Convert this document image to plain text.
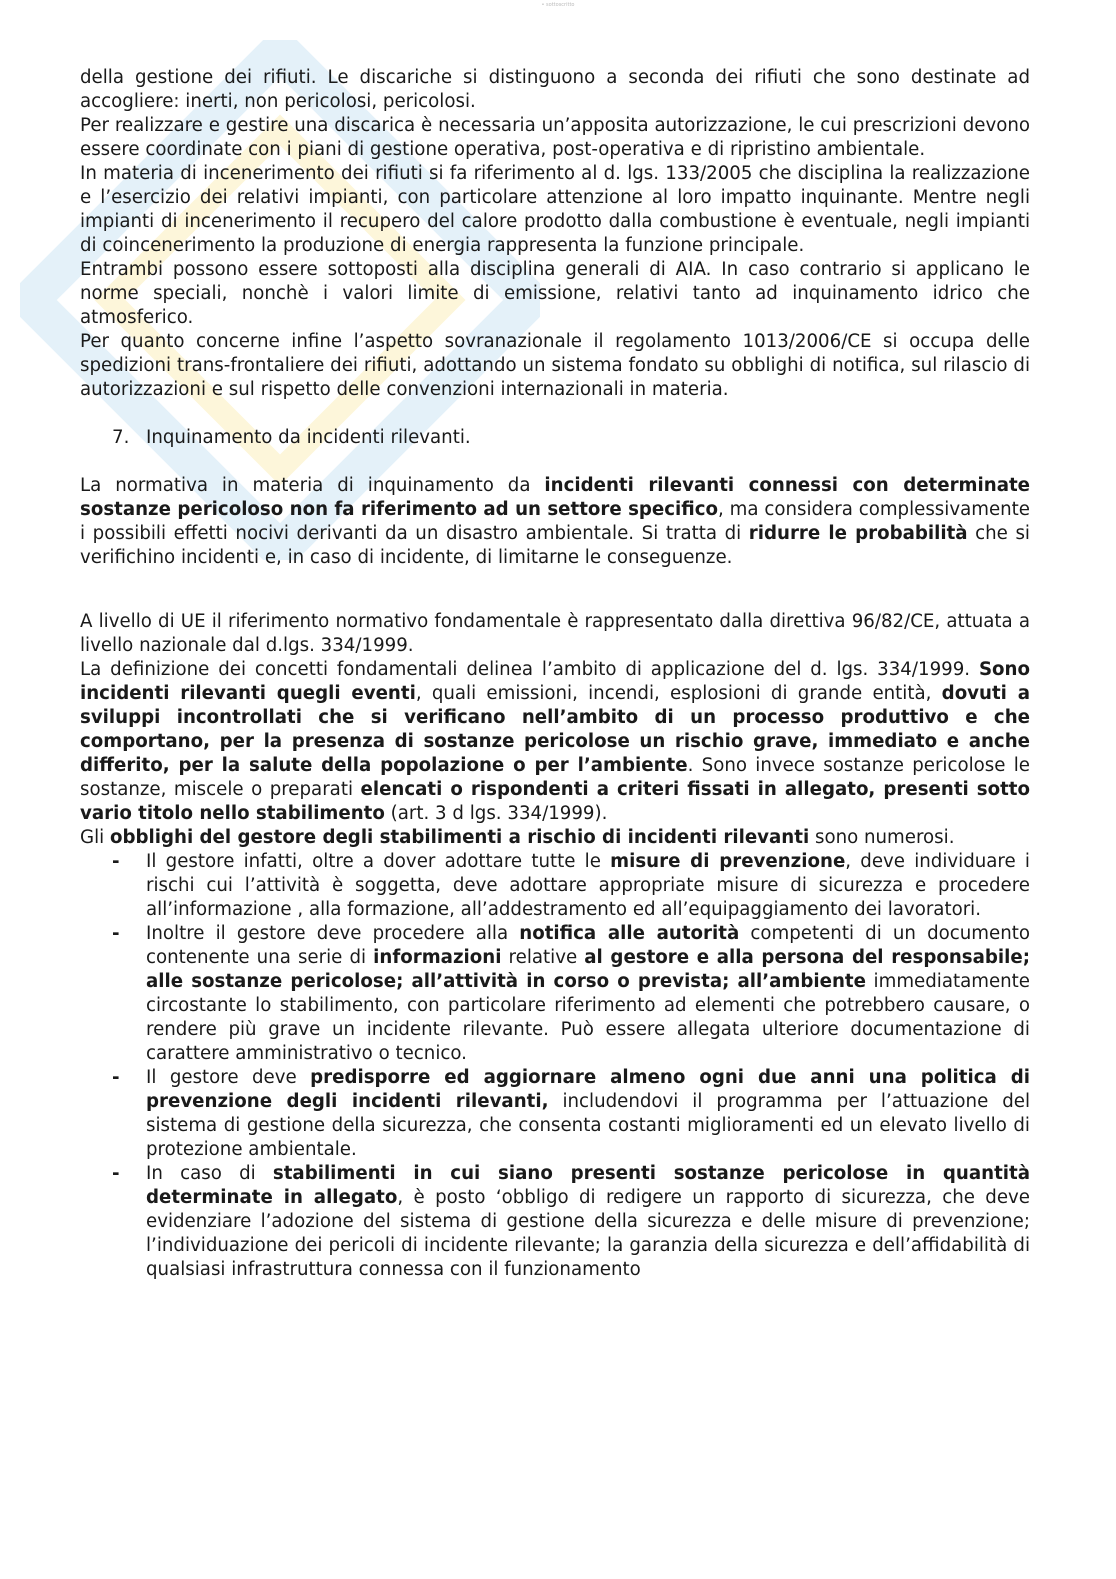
• sottoscritto

della gestione dei rifiuti. Le discariche si distinguono a seconda dei rifiuti che sono destinate ad accogliere: inerti, non pericolosi, pericolosi.

Per realizzare e gestire una discarica è necessaria un’apposita autorizzazione, le cui prescrizioni devono essere coordinate con i piani di gestione operativa, post-operativa e di ripristino ambientale.

In materia di incenerimento dei rifiuti si fa riferimento al d. lgs. 133/2005 che disciplina la realizzazione e l’esercizio dei relativi impianti, con particolare attenzione al loro impatto inquinante. Mentre negli impianti di incenerimento il recupero del calore prodotto dalla combustione è eventuale, negli impianti di coincenerimento la produzione di energia rappresenta la funzione principale.

Entrambi possono essere sottoposti alla disciplina generali di AIA. In caso contrario si applicano le norme speciali, nonchè i valori limite di emissione, relativi tanto ad inquinamento idrico che atmosferico.

Per quanto concerne infine l’aspetto sovranazionale il regolamento 1013/2006/CE si occupa delle spedizioni trans-frontaliere dei rifiuti, adottando un sistema fondato su obblighi di notifica, sul rilascio di autorizzazioni e sul rispetto delle convenzioni internazionali in materia.

7. Inquinamento da incidenti rilevanti.

La normativa in materia di inquinamento da incidenti rilevanti connessi con determinate sostanze pericoloso non fa riferimento ad un settore specifico, ma considera complessivamente i possibili effetti nocivi derivanti da un disastro ambientale. Si tratta di ridurre le probabilità che si verifichino incidenti e, in caso di incidente, di limitarne le conseguenze.

A livello di UE il riferimento normativo fondamentale è rappresentato dalla direttiva 96/82/CE, attuata a livello nazionale dal d.lgs. 334/1999.

La definizione dei concetti fondamentali delinea l’ambito di applicazione del d. lgs. 334/1999. Sono incidenti rilevanti quegli eventi, quali emissioni, incendi, esplosioni di grande entità, dovuti a sviluppi incontrollati che si verificano nell’ambito di un processo produttivo e che comportano, per la presenza di sostanze pericolose un rischio grave, immediato e anche differito, per la salute della popolazione o per l’ambiente. Sono invece sostanze pericolose le sostanze, miscele o preparati elencati o rispondenti a criteri fissati in allegato, presenti sotto vario titolo nello stabilimento (art. 3 d lgs. 334/1999).

Gli obblighi del gestore degli stabilimenti a rischio di incidenti rilevanti sono numerosi.

- Il gestore infatti, oltre a dover adottare tutte le misure di prevenzione, deve individuare i rischi cui l’attività è soggetta, deve adottare appropriate misure di sicurezza e procedere all’informazione , alla formazione, all’addestramento ed all’equipaggiamento dei lavoratori.
- Inoltre il gestore deve procedere alla notifica alle autorità competenti di un documento contenente una serie di informazioni relative al gestore e alla persona del responsabile; alle sostanze pericolose; all’attività in corso o prevista; all’ambiente immediatamente circostante lo stabilimento, con particolare riferimento ad elementi che potrebbero causare, o rendere più grave un incidente rilevante. Può essere allegata ulteriore documentazione di carattere amministrativo o tecnico.
- Il gestore deve predisporre ed aggiornare almeno ogni due anni una politica di prevenzione degli incidenti rilevanti, includendovi il programma per l’attuazione del sistema di gestione della sicurezza, che consenta costanti miglioramenti ed un elevato livello di protezione ambientale.
- In caso di stabilimenti in cui siano presenti sostanze pericolose in quantità determinate in allegato, è posto ‘obbligo di redigere un rapporto di sicurezza, che deve evidenziare l’adozione del sistema di gestione della sicurezza e delle misure di prevenzione; l’individuazione dei pericoli di incidente rilevante; la garanzia della sicurezza e dell’affidabilità di qualsiasi infrastruttura connessa con il funzionamento
